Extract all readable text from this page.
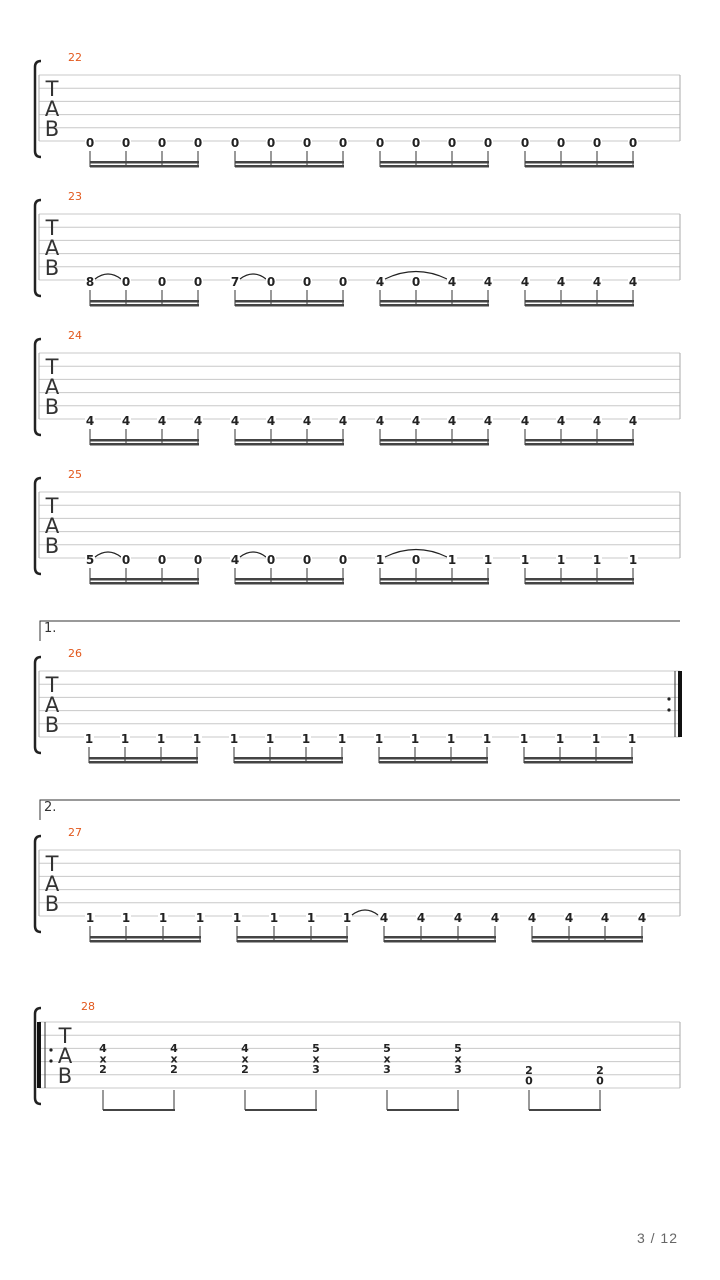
T
A
B
22
0 0 0 0 0 0 0 0 0 0 0 0 0 0 0 0
T
A
B
23
8 0 0 0 7 0 0 0 4 0 4 4 4 4 4 4
T
A
B
24
4 4 4 4 4 4 4 4 4 4 4 4 4 4 4 4
T
A
B
25
5 0 0 0 4 0 0 0 1 0 1 1 1 1 1 1
1.
T
A
B
26
1 1 1 1 1 1 1 1 1 1 1 1 1 1 1 1
2.
T
A
B
27
1 1 1 1 1 1 1 1 4 4 4 4 4 4 4 4
T
A
B
28
4
x
2
4
x
2
4
x
2
5
x
3
5
x
3
5
x
3	2
0
2
0
3 / 12
